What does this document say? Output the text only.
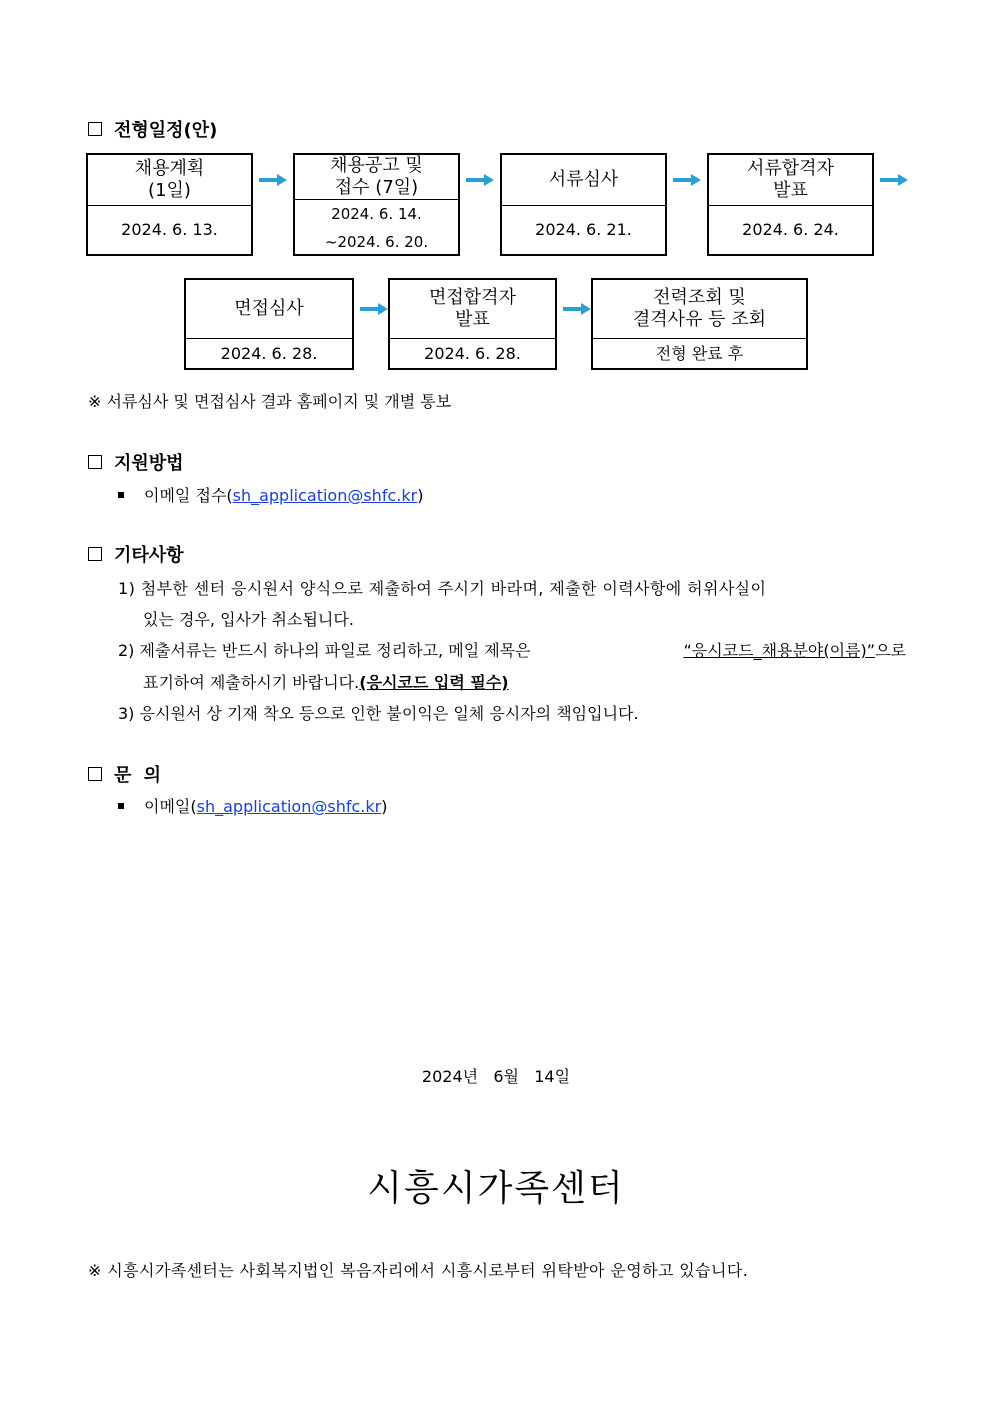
전형일정(안)
채용계획
(1일)
2024. 6. 13.
채용공고 및
접수 (7일)
2024. 6. 14.
~2024. 6. 20.
서류심사
2024. 6. 21.
서류합격자
발표
2024. 6. 24.
면접심사
2024. 6. 28.
면접합격자
발표
2024. 6. 28.
전력조회 및
결격사유 등 조회
전형 완료 후
※ 서류심사 및 면접심사 결과 홈페이지 및 개별 통보
지원방법
이메일 접수(sh_application@shfc.kr)
기타사항
1) 첨부한 센터 응시원서 양식으로 제출하여 주시기 바라며, 제출한 이력사항에 허위사실이
있는 경우, 입사가 취소됩니다.
2) 제출서류는 반드시 하나의 파일로 정리하고, 메일 제목은	“응시코드_채용분야(이름)”으로
표기하여 제출하시기 바랍니다.(응시코드 입력 필수)
3) 응시원서 상 기재 착오 등으로 인한 불이익은 일체 응시자의 책임입니다.
문 의
이메일(sh_application@shfc.kr)
2024년   6월   14일
시흥시가족센터
※ 시흥시가족센터는 사회복지법인 복음자리에서 시흥시로부터 위탁받아 운영하고 있습니다.
